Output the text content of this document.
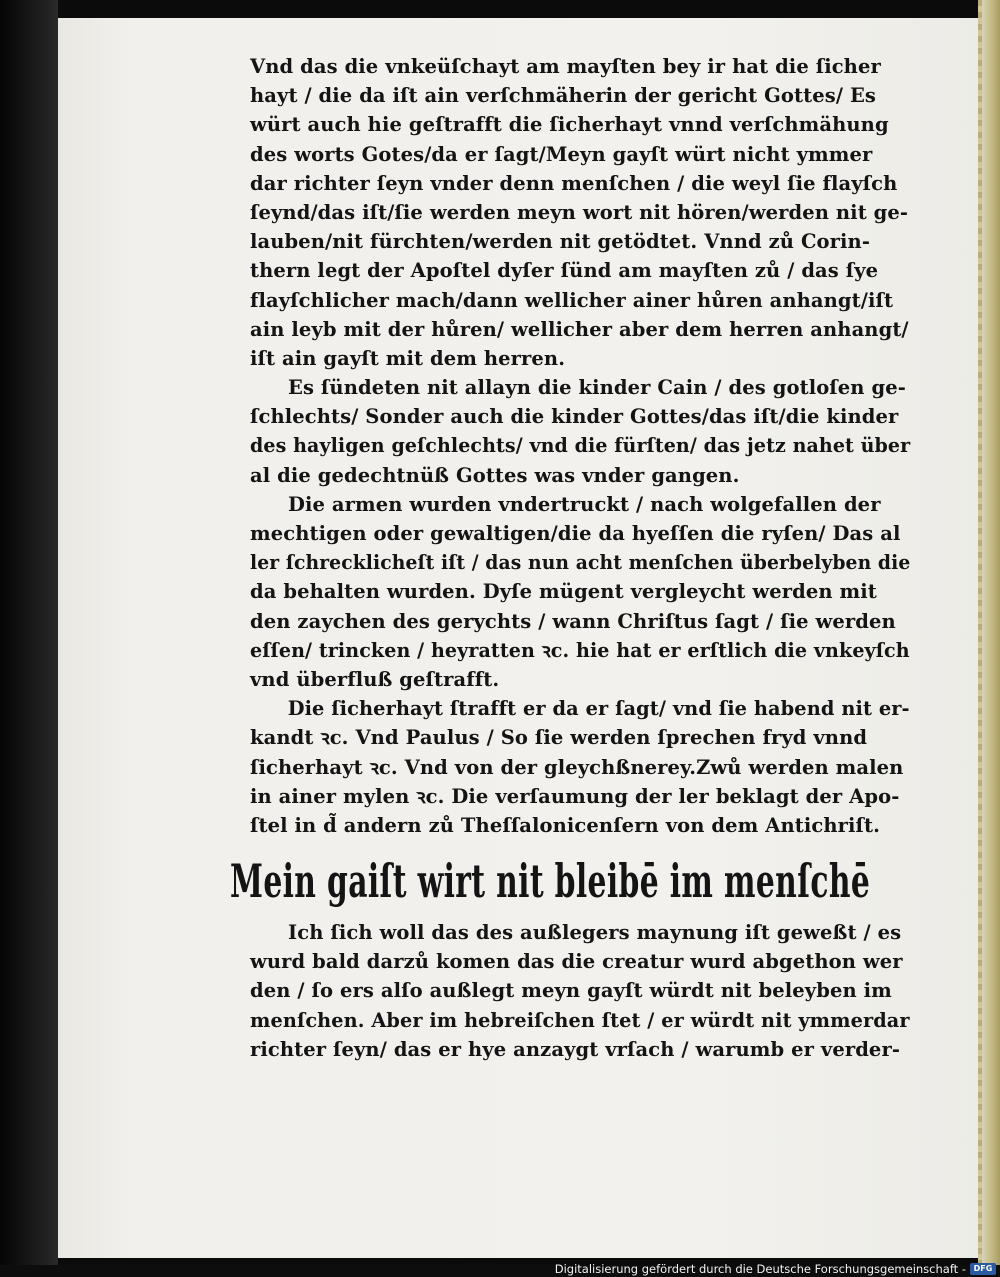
Vnd das die vnkeüſchayt am mayſten bey ir hat die ſicher
hayt / die da iſt ain verſchmäherin der gericht Gottes/ Es
würt auch hie geſtrafft die ſicherhayt vnnd verſchmähung
des worts Gotes/da er ſagt/Meyn gayſt würt nicht ymmer
dar richter ſeyn vnder denn menſchen / die weyl ſie flayſch
ſeynd/das iſt/ſie werden meyn wort nit hören/werden nit ge-
lauben/nit fürchten/werden nit getödtet. Vnnd zů Corin-
thern legt der Apoſtel dyſer ſünd am mayſten zů / das ſye
flayſchlicher mach/dann wellicher ainer hůren anhangt/iſt
ain leyb mit der hůren/ wellicher aber dem herren anhangt/
iſt ain gayſt mit dem herren.
Es ſündeten nit allayn die kinder Cain / des gotloſen ge-
ſchlechts/ Sonder auch die kinder Gottes/das iſt/die kinder
des hayligen geſchlechts/ vnd die fürſten/ das jetz nahet über
al die gedechtnüß Gottes was vnder gangen.
Die armen wurden vndertruckt / nach wolgefallen der
mechtigen oder gewaltigen/die da hyeſſen die ryſen/ Das al
ler ſchrecklicheſt iſt / das nun acht menſchen überbelyben die
da behalten wurden. Dyſe mügent vergleycht werden mit
den zaychen des gerychts / wann Chriſtus ſagt / ſie werden
eſſen/ trincken / heyratten ꝛc. hie hat er erſtlich die vnkeyſch
vnd überfluß geſtrafft.
Die ſicherhayt ſtrafft er da er ſagt/ vnd ſie habend nit er-
kandt ꝛc. Vnd Paulus / So ſie werden ſprechen fryd vnnd
ſicherhayt ꝛc. Vnd von der gleychßnerey.Zwů werden malen
in ainer mylen ꝛc. Die verſaumung der ler beklagt der Apo-
ſtel in d̃ andern zů Theſſalonicenſern von dem Antichriſt.
Mein gaiſt wirt nit bleibē im menſchē
Ich ſich woll das des außlegers maynung iſt geweßt / es
wurd bald darzů komen das die creatur wurd abgethon wer
den / ſo ers alſo außlegt meyn gayſt würdt nit beleyben im
menſchen. Aber im hebreiſchen ſtet / er würdt nit ymmerdar
richter ſeyn/ das er hye anzaygt vrſach / warumb er verder-
Digitalisierung gefördert durch die Deutsche Forschungsgemeinschaft - DFG
